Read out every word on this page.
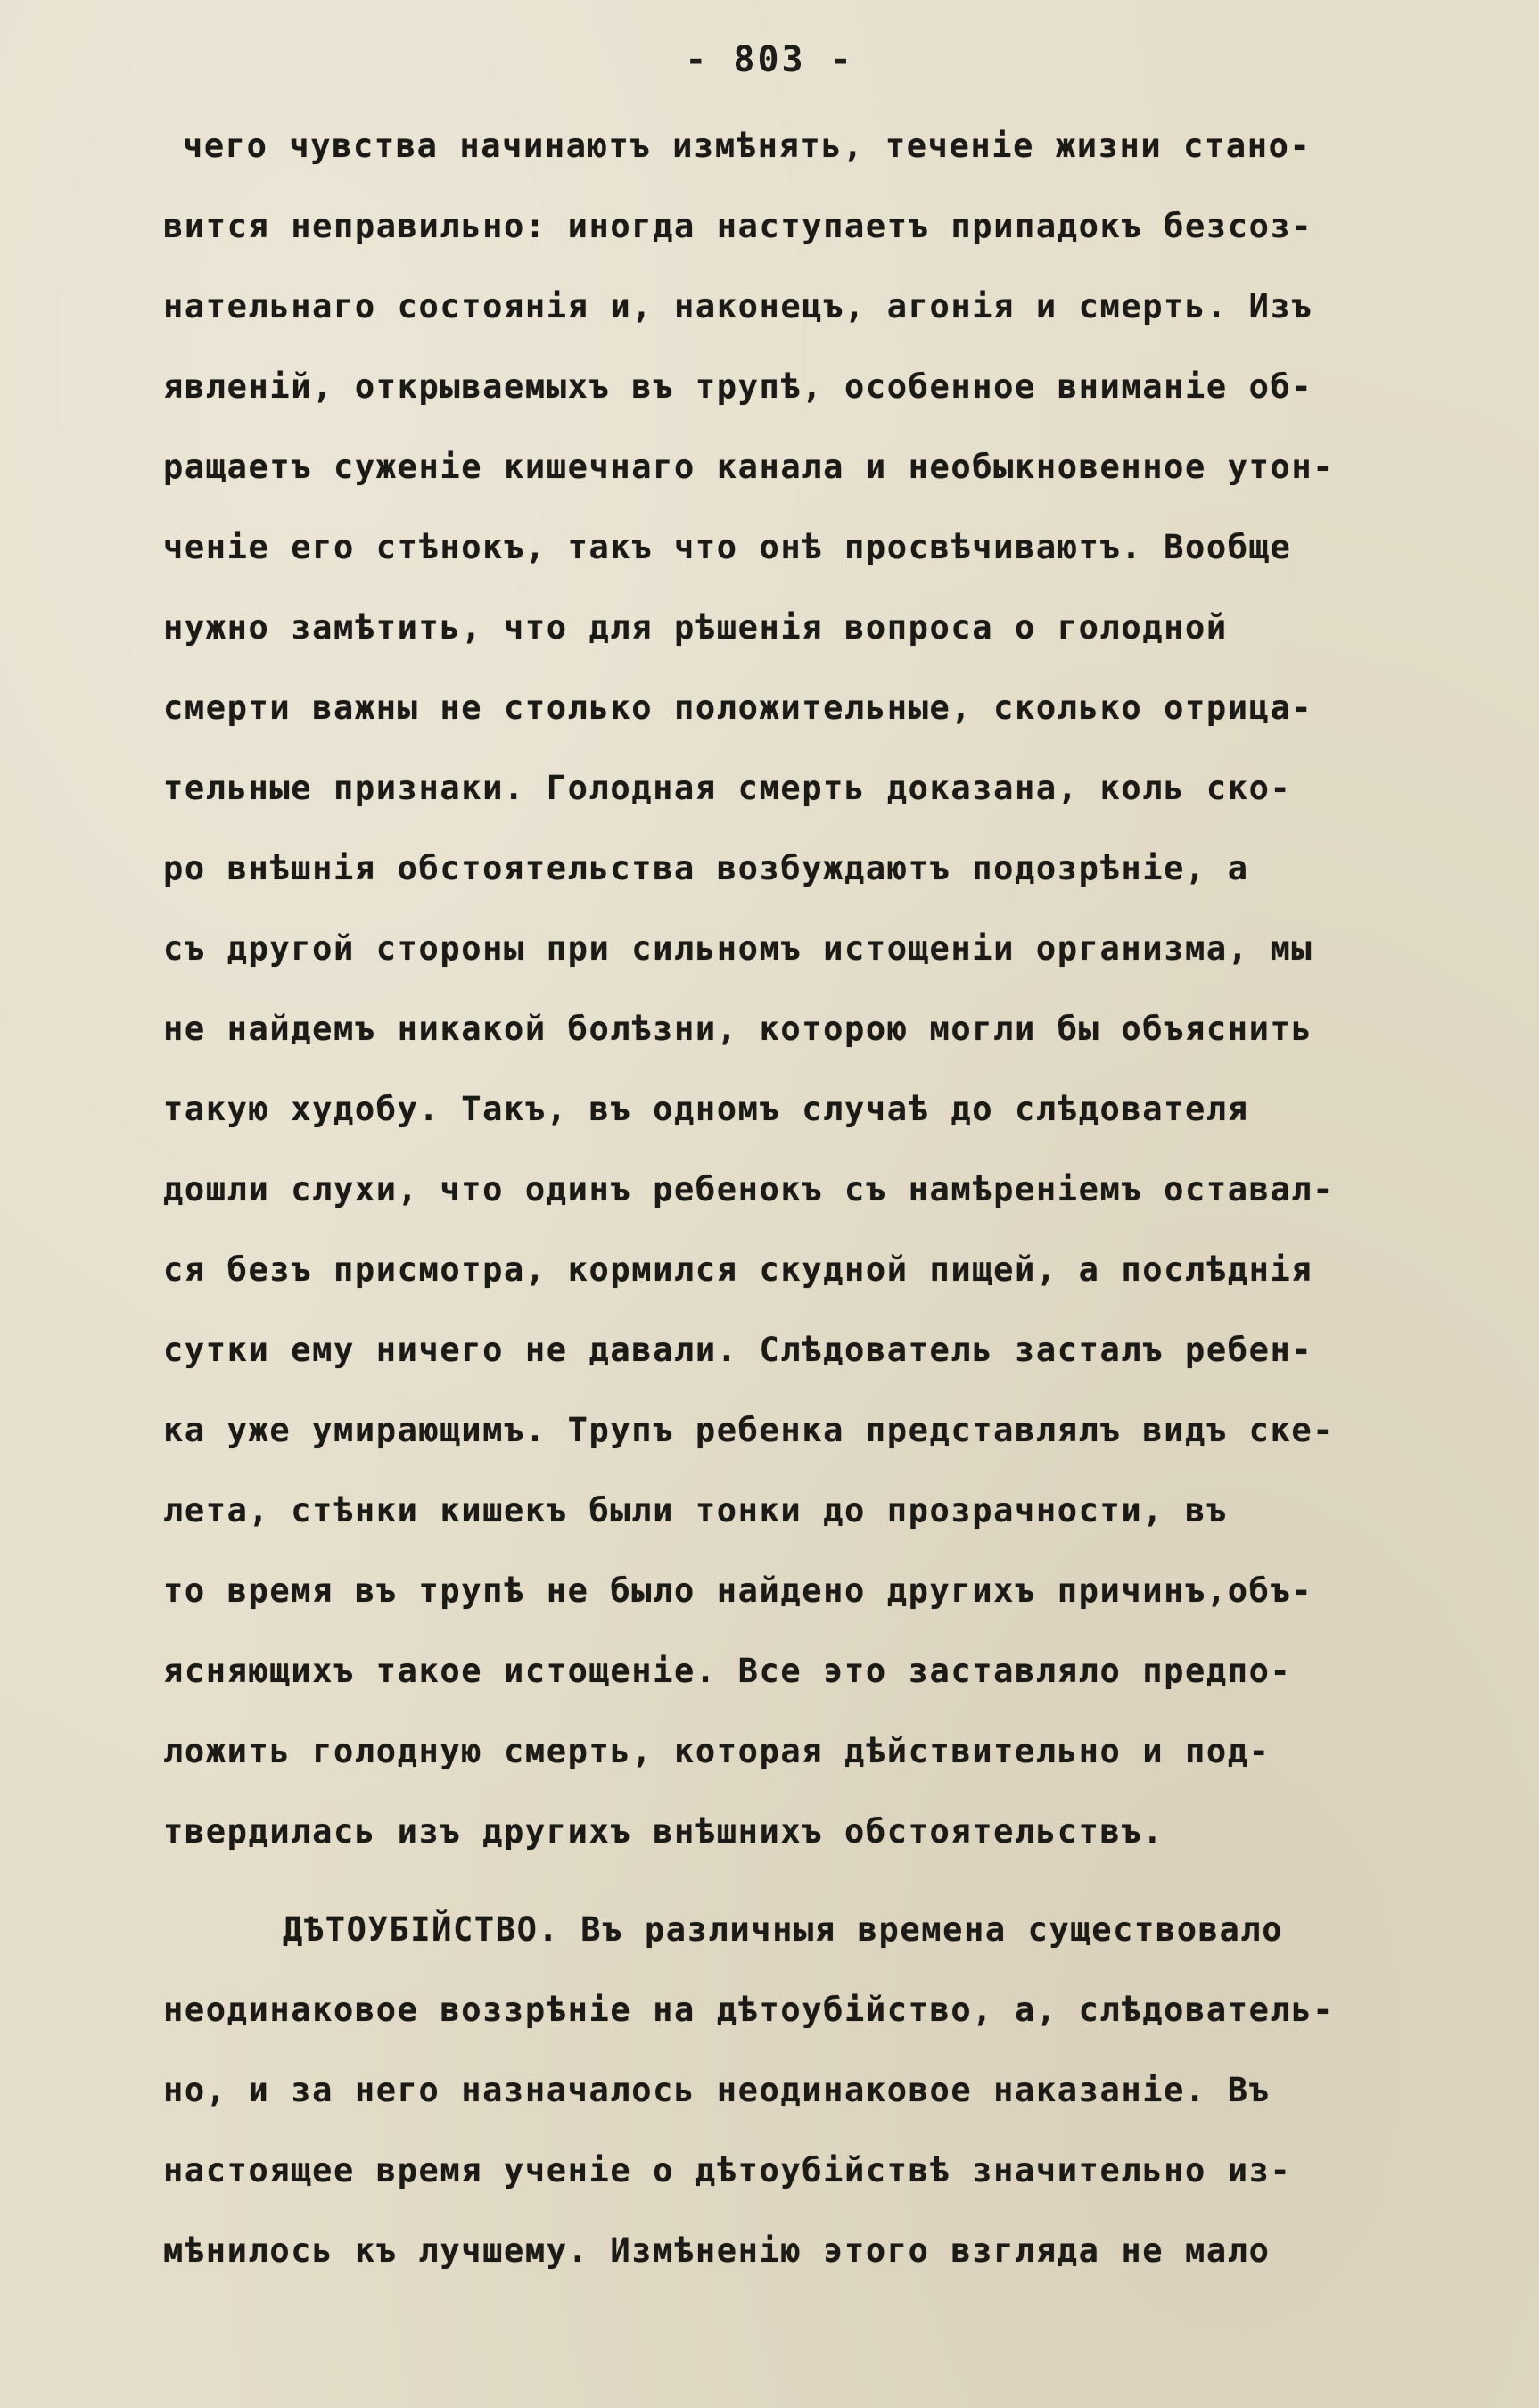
- 803 -
чего чувства начинаютъ измѣнять, теченіе жизни стано-
вится неправильно: иногда наступаетъ припадокъ безсоз-
нательнаго состоянія и, наконецъ, агонія и смерть. Изъ
явленій, открываемыхъ въ трупѣ, особенное вниманіе об-
ращаетъ суженіе кишечнаго канала и необыкновенное утон-
ченіе его стѣнокъ, такъ что онѣ просвѣчиваютъ. Вообще
нужно замѣтить, что для рѣшенія вопроса о голодной
смерти важны не столько положительные, сколько отрица-
тельные признаки. Голодная смерть доказана, коль ско-
ро внѣшнія обстоятельства возбуждаютъ подозрѣніе, а
съ другой стороны при сильномъ истощеніи организма, мы
не найдемъ никакой болѣзни, которою могли бы объяснить
такую худобу. Такъ, въ одномъ случаѣ до слѣдователя
дошли слухи, что одинъ ребенокъ съ намѣреніемъ оставал-
ся безъ присмотра, кормился скудной пищей, а послѣднія
сутки ему ничего не давали. Слѣдователь засталъ ребен-
ка уже умирающимъ. Трупъ ребенка представлялъ видъ ске-
лета, стѣнки кишекъ были тонки до прозрачности, въ
то время въ трупѣ не было найдено другихъ причинъ,объ-
ясняющихъ такое истощеніе. Все это заставляло предпо-
ложить голодную смерть, которая дѣйствительно и под-
твердилась изъ другихъ внѣшнихъ обстоятельствъ.
ДѢТОУБІЙСТВО. Въ различныя времена существовало
неодинаковое воззрѣніе на дѣтоубійство, а, слѣдователь-
но, и за него назначалось неодинаковое наказаніе. Въ
настоящее время ученіе о дѣтоубійствѣ значительно из-
мѣнилось къ лучшему. Измѣненію этого взгляда не мало
